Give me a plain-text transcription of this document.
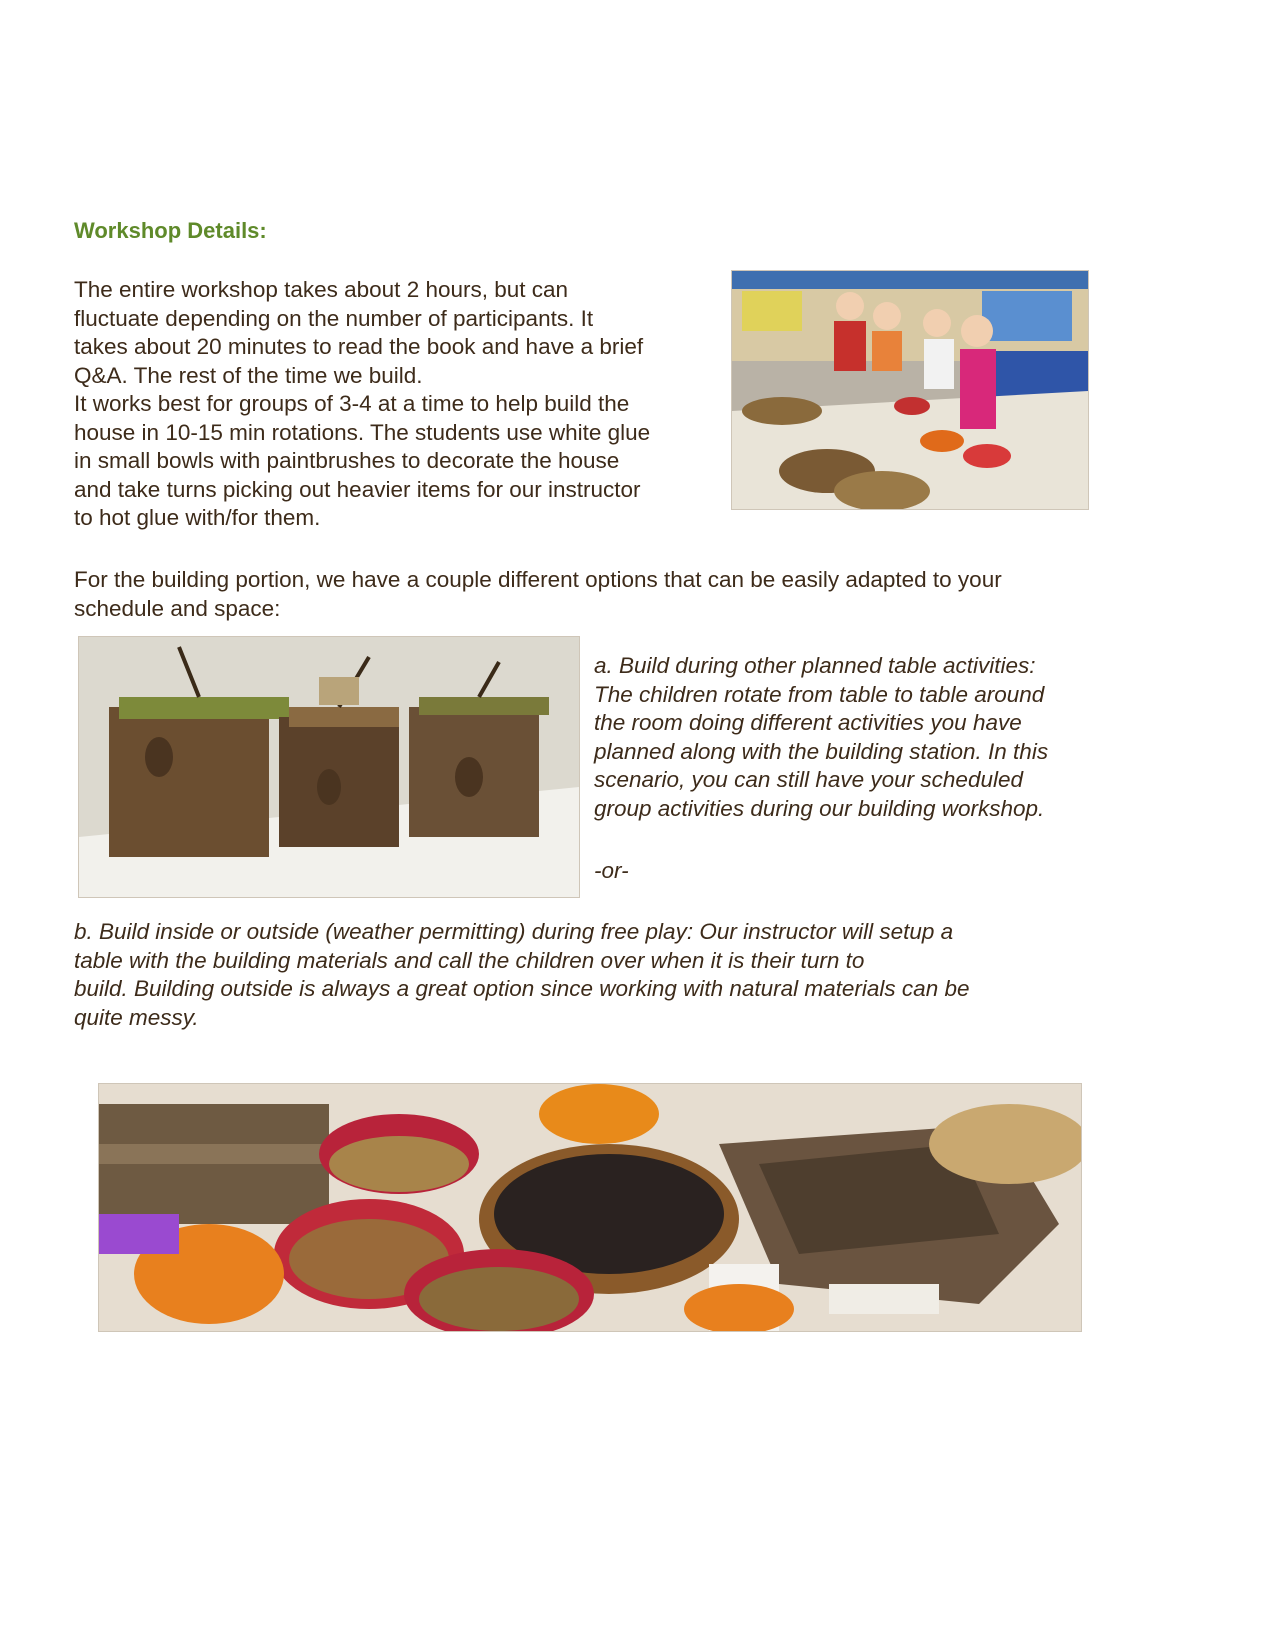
Workshop Details:
The entire workshop takes about 2 hours, but can
fluctuate depending on the number of participants. It
takes about 20 minutes to read the book and have a brief
Q&A. The rest of the time we build.
It works best for groups of 3-4 at a time to help build the
house in 10-15 min rotations. The students use white glue
in small bowls with paintbrushes to decorate the house
and take turns picking out heavier items for our instructor
to hot glue with/for them.
For the building portion, we have a couple different options that can be easily adapted to your
schedule and space:
a. Build during other planned table activities:
The children rotate from table to table around
the room doing different activities you have
planned along with the building station. In this
scenario, you can still have your scheduled
group activities during our building workshop.
-or-
b. Build inside or outside (weather permitting) during free play: Our instructor will setup a
table with the building materials and call the children over when it is their turn to
build. Building outside is always a great option since working with natural materials can be
quite messy.
